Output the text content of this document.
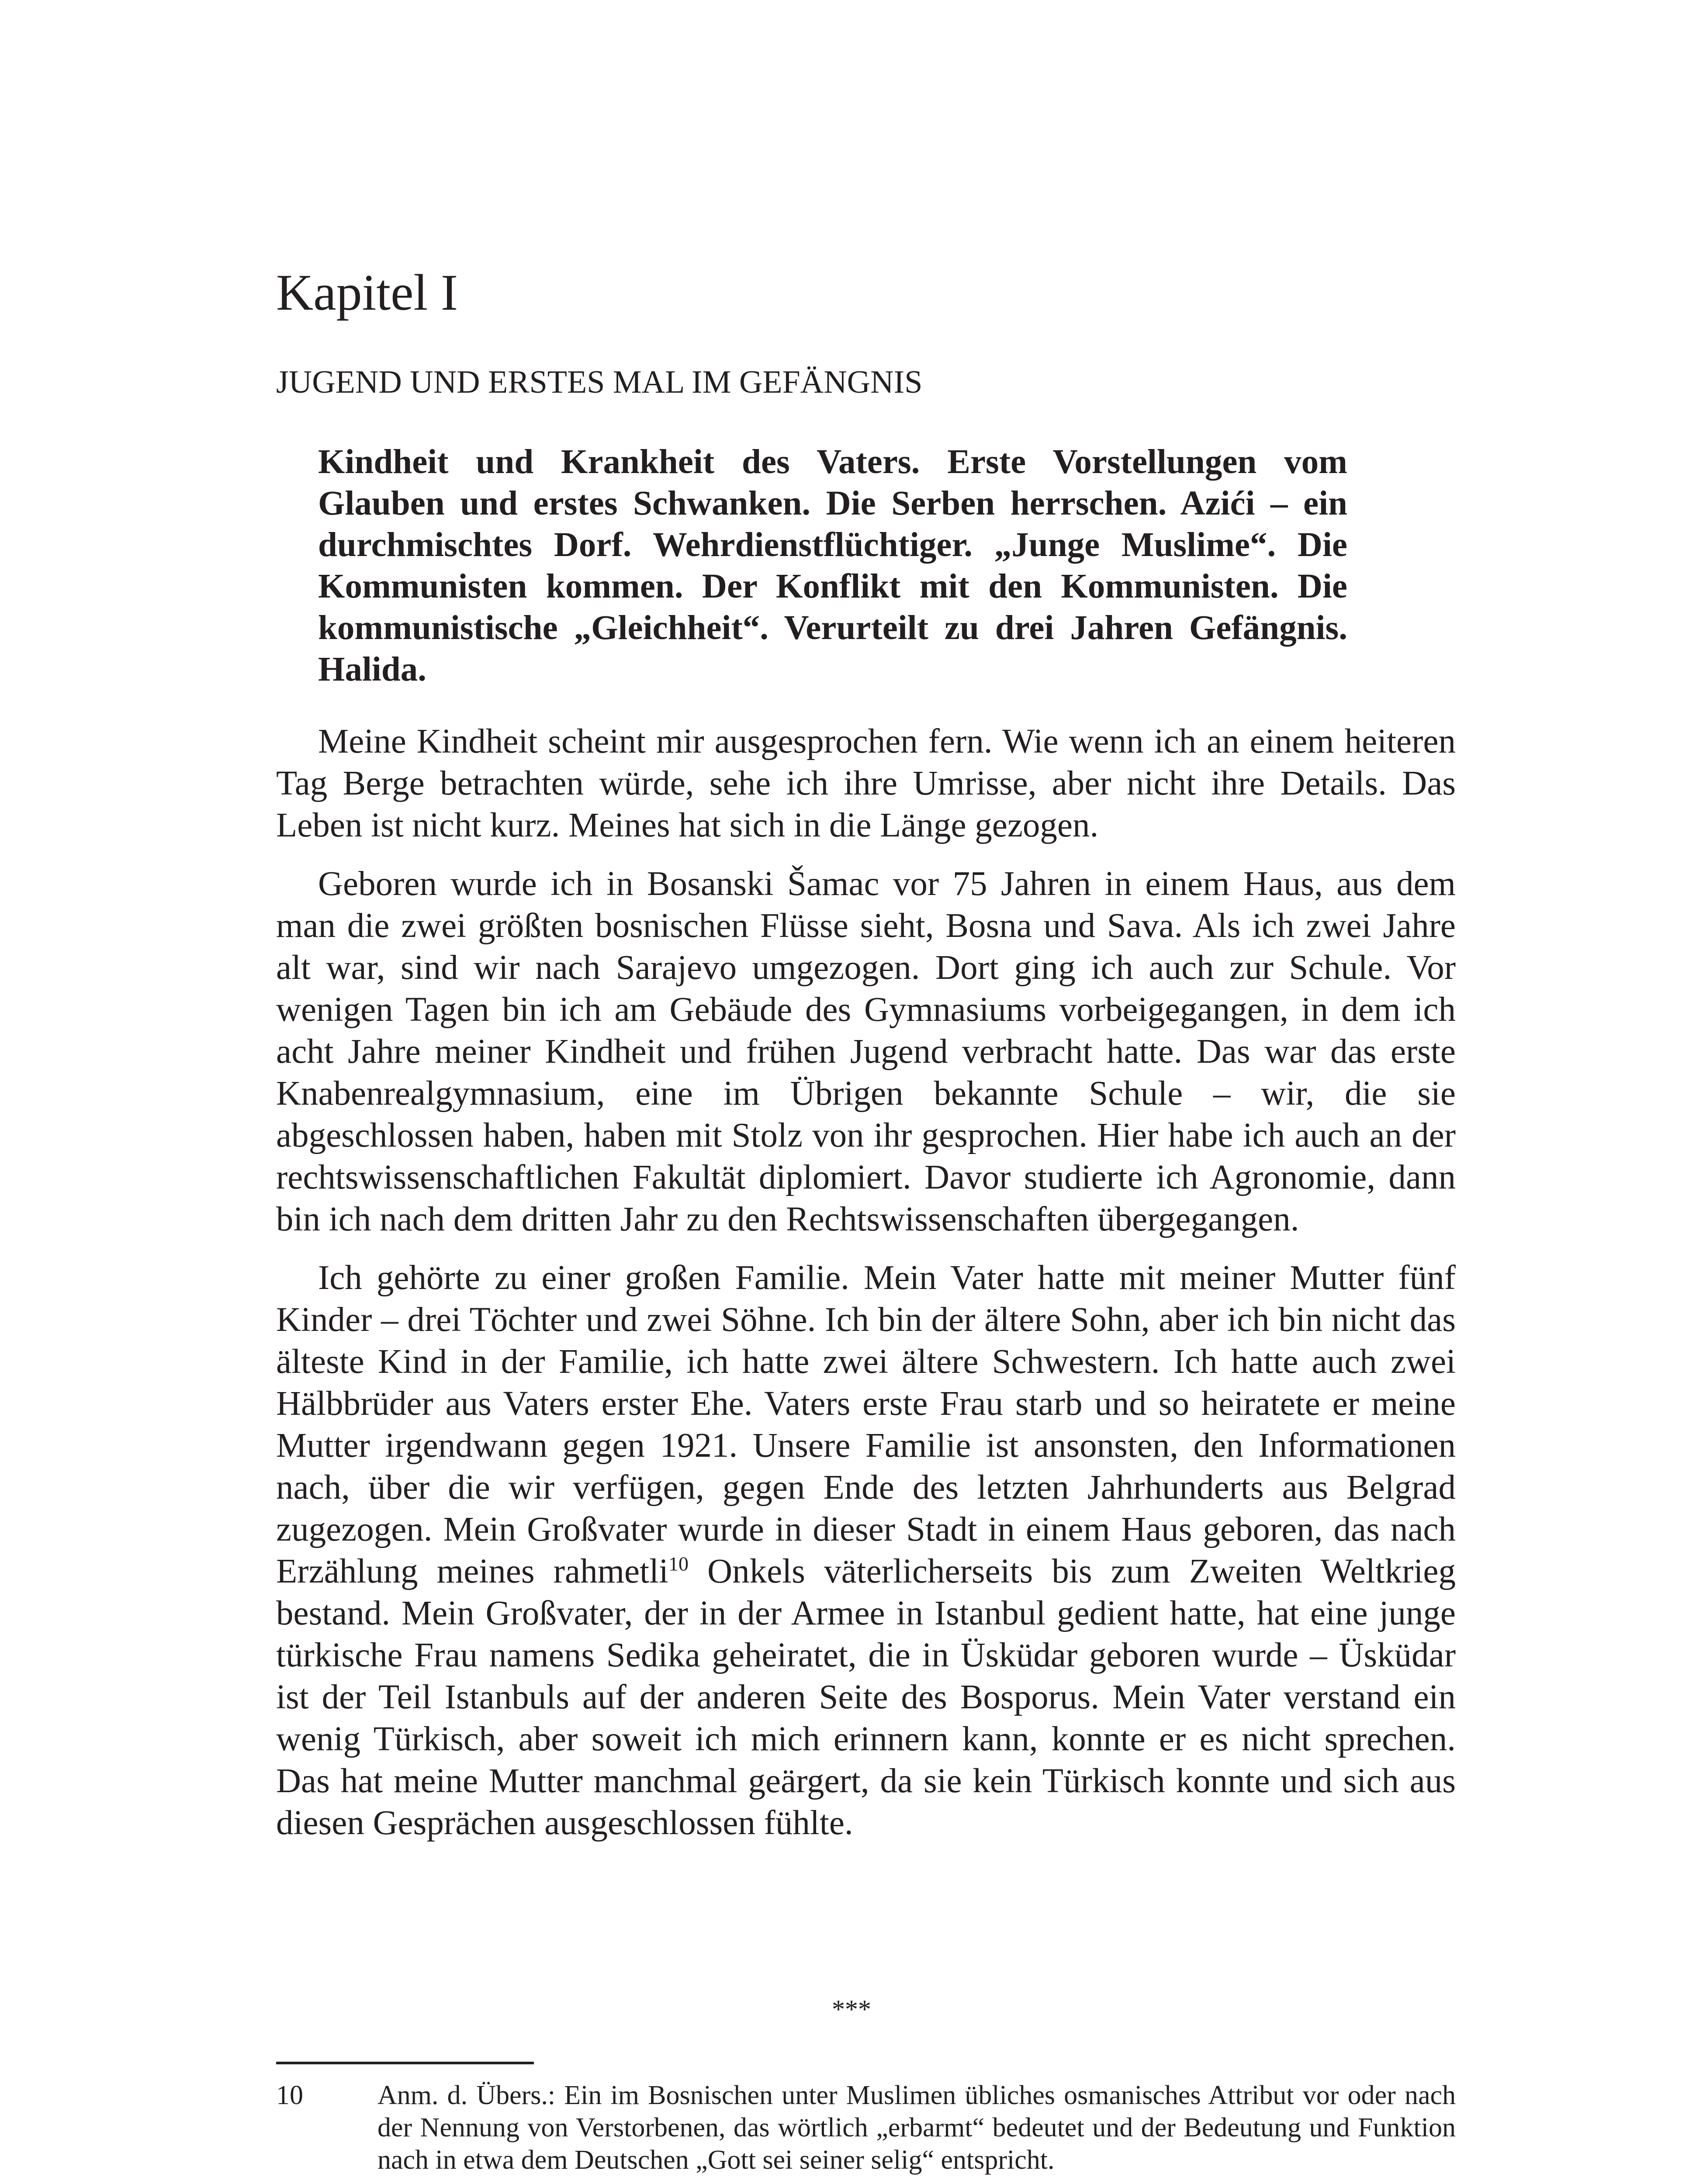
Kapitel I
JUGEND UND ERSTES MAL IM GEFÄNGNIS

Kindheit und Krankheit des Vaters. Erste Vorstellungen vom Glauben und erstes Schwanken. Die Serben herrschen. Azići – ein durchmischtes Dorf. Wehrdienstflüchtiger. „Junge Muslime“. Die Kommunisten kommen. Der Konflikt mit den Kommunisten. Die kommunistische „Gleichheit“. Verurteilt zu drei Jahren Gefängnis. Halida.

Meine Kindheit scheint mir ausgesprochen fern. Wie wenn ich an einem heiteren Tag Berge betrachten würde, sehe ich ihre Umrisse, aber nicht ihre Details. Das Leben ist nicht kurz. Meines hat sich in die Länge gezogen.

Geboren wurde ich in Bosanski Šamac vor 75 Jahren in einem Haus, aus dem man die zwei größten bosnischen Flüsse sieht, Bosna und Sava. Als ich zwei Jahre alt war, sind wir nach Sarajevo umgezogen. Dort ging ich auch zur Schule. Vor wenigen Tagen bin ich am Gebäude des Gymnasiums vorbeigegangen, in dem ich acht Jahre meiner Kindheit und frühen Jugend verbracht hatte. Das war das erste Knabenrealgymnasium, eine im Übrigen bekannte Schule – wir, die sie abgeschlossen haben, haben mit Stolz von ihr gesprochen. Hier habe ich auch an der rechtswissenschaftlichen Fakultät diplomiert. Davor studierte ich Agronomie, dann bin ich nach dem dritten Jahr zu den Rechtswissenschaften übergegangen.

Ich gehörte zu einer großen Familie. Mein Vater hatte mit meiner Mutter fünf Kinder – drei Töchter und zwei Söhne. Ich bin der ältere Sohn, aber ich bin nicht das älteste Kind in der Familie, ich hatte zwei ältere Schwestern. Ich hatte auch zwei Hälbbrüder aus Vaters erster Ehe. Vaters erste Frau starb und so heiratete er meine Mutter irgendwann gegen 1921. Unsere Familie ist ansonsten, den Informationen nach, über die wir verfügen, gegen Ende des letzten Jahrhunderts aus Belgrad zugezogen. Mein Großvater wurde in dieser Stadt in einem Haus geboren, das nach Erzählung meines rahmetli$^{10}$ Onkels väterlicherseits bis zum Zweiten Weltkrieg bestand. Mein Großvater, der in der Armee in Istanbul gedient hatte, hat eine junge türkische Frau namens Sedika geheiratet, die in Üsküdar geboren wurde – Üsküdar ist der Teil Istanbuls auf der anderen Seite des Bosporus. Mein Vater verstand ein wenig Türkisch, aber soweit ich mich erinnern kann, konnte er es nicht sprechen. Das hat meine Mutter manchmal geärgert, da sie kein Türkisch konnte und sich aus diesen Gesprächen ausgeschlossen fühlte.

***
10	Anm. d. Übers.: Ein im Bosnischen unter Muslimen übliches osmanisches Attribut vor oder nach der Nennung von Verstorbenen, das wörtlich „erbarmt“ bedeutet und der Bedeutung und Funktion nach in etwa dem Deutschen „Gott sei seiner selig“ entspricht.
